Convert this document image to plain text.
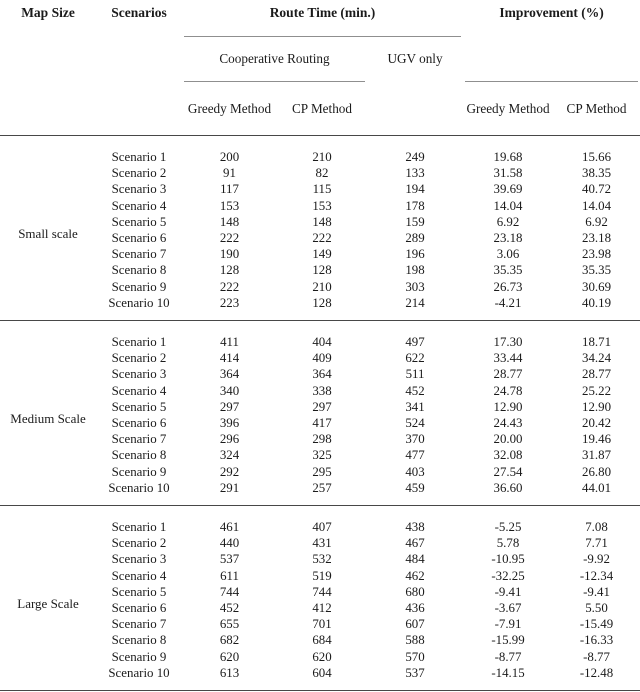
Map Size	Scenarios	Route Time (min.)			Improvement (%)	

		Cooperative Routing		UGV only		

		Greedy Method	CP Method		Greedy Method	CP Method
Small scale	Scenario 1	200	210	249	19.68	15.66
	Scenario 2	91	82	133	31.58	38.35
	Scenario 3	117	115	194	39.69	40.72
	Scenario 4	153	153	178	14.04	14.04
	Scenario 5	148	148	159	6.92	6.92
	Scenario 6	222	222	289	23.18	23.18
	Scenario 7	190	149	196	3.06	23.98
	Scenario 8	128	128	198	35.35	35.35
	Scenario 9	222	210	303	26.73	30.69
	Scenario 10	223	128	214	-4.21	40.19
Medium Scale	Scenario 1	411	404	497	17.30	18.71
	Scenario 2	414	409	622	33.44	34.24
	Scenario 3	364	364	511	28.77	28.77
	Scenario 4	340	338	452	24.78	25.22
	Scenario 5	297	297	341	12.90	12.90
	Scenario 6	396	417	524	24.43	20.42
	Scenario 7	296	298	370	20.00	19.46
	Scenario 8	324	325	477	32.08	31.87
	Scenario 9	292	295	403	27.54	26.80
	Scenario 10	291	257	459	36.60	44.01
Large Scale	Scenario 1	461	407	438	-5.25	7.08
	Scenario 2	440	431	467	5.78	7.71
	Scenario 3	537	532	484	-10.95	-9.92
	Scenario 4	611	519	462	-32.25	-12.34
	Scenario 5	744	744	680	-9.41	-9.41
	Scenario 6	452	412	436	-3.67	5.50
	Scenario 7	655	701	607	-7.91	-15.49
	Scenario 8	682	684	588	-15.99	-16.33
	Scenario 9	620	620	570	-8.77	-8.77
	Scenario 10	613	604	537	-14.15	-12.48
